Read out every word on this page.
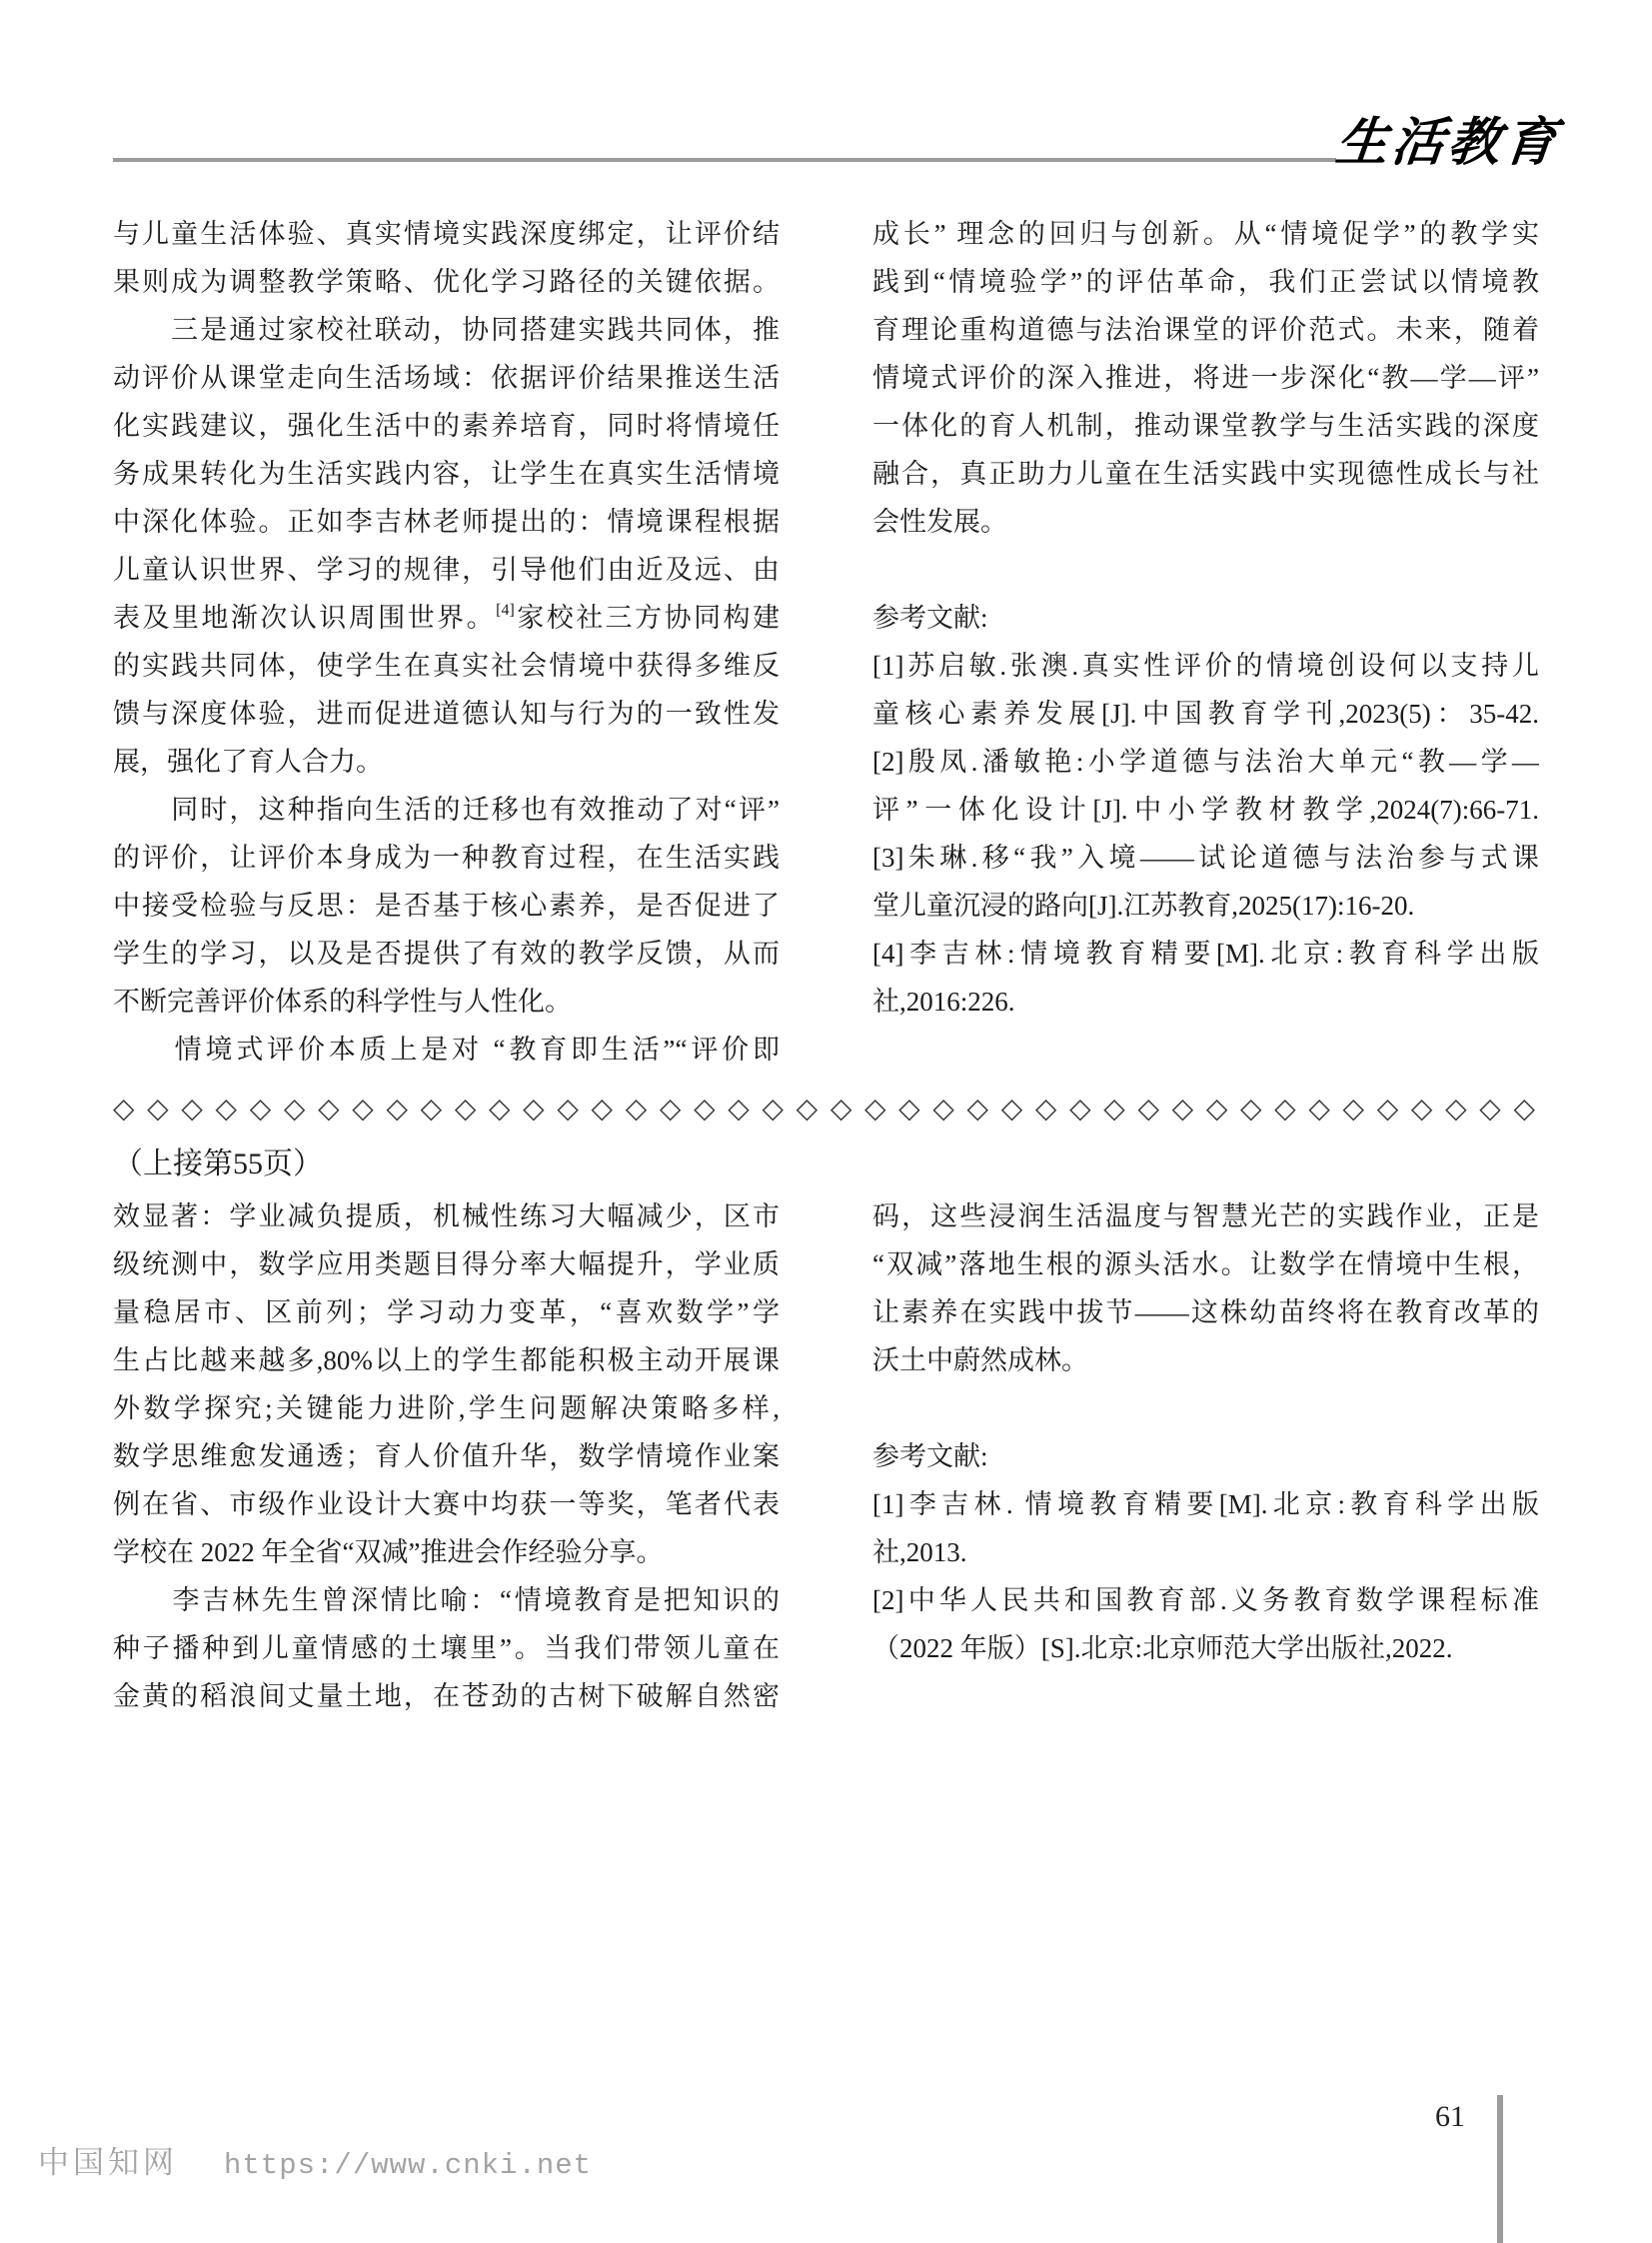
生活教育
与儿童生活体验、真实情境实践深度绑定，让评价结
果则成为调整教学策略、优化学习路径的关键依据。
　　三是通过家校社联动，协同搭建实践共同体，推
动评价从课堂走向生活场域：依据评价结果推送生活
化实践建议，强化生活中的素养培育，同时将情境任
务成果转化为生活实践内容，让学生在真实生活情境
中深化体验。正如李吉林老师提出的：情境课程根据
儿童认识世界、学习的规律，引导他们由近及远、由
表及里地渐次认识周围世界。[4]家校社三方协同构建
的实践共同体，使学生在真实社会情境中获得多维反
馈与深度体验，进而促进道德认知与行为的一致性发
展，强化了育人合力。
　　同时，这种指向生活的迁移也有效推动了对“评”
的评价，让评价本身成为一种教育过程，在生活实践
中接受检验与反思：是否基于核心素养，是否促进了
学生的学习，以及是否提供了有效的教学反馈，从而
不断完善评价体系的科学性与人性化。
　　情境式评价本质上是对 “教育即生活”“评价即
成长” 理念的回归与创新。从“情境促学”的教学实
践到“情境验学”的评估革命，我们正尝试以情境教
育理论重构道德与法治课堂的评价范式。未来，随着
情境式评价的深入推进，将进一步深化“教—学—评”
一体化的育人机制，推动课堂教学与生活实践的深度
融合，真正助力儿童在生活实践中实现德性成长与社
会性发展。
参考文献:
[1]苏启敏.张澳.真实性评价的情境创设何以支持儿
童核心素养发展[J].中国教育学刊,2023(5)：35-42.
[2]殷凤.潘敏艳:小学道德与法治大单元“教—学—
评”一体化设计[J].中小学教材教学,2024(7):66-71.
[3]朱琳.移“我”入境——试论道德与法治参与式课
堂儿童沉浸的路向[J].江苏教育,2025(17):16-20.
[4]李吉林:情境教育精要[M].北京:教育科学出版
社,2016:226.
◇◇◇◇◇◇◇◇◇◇◇◇◇◇◇◇◇◇◇◇◇◇◇◇◇◇◇◇◇◇◇◇◇◇◇◇◇◇◇◇◇◇
（上接第55页）
效显著：学业减负提质，机械性练习大幅减少，区市
级统测中，数学应用类题目得分率大幅提升，学业质
量稳居市、区前列；学习动力变革，“喜欢数学”学
生占比越来越多,80%以上的学生都能积极主动开展课
外数学探究;关键能力进阶,学生问题解决策略多样,
数学思维愈发通透；育人价值升华，数学情境作业案
例在省、市级作业设计大赛中均获一等奖，笔者代表
学校在 2022 年全省“双减”推进会作经验分享。
　　李吉林先生曾深情比喻：“情境教育是把知识的
种子播种到儿童情感的土壤里”。当我们带领儿童在
金黄的稻浪间丈量土地，在苍劲的古树下破解自然密
码，这些浸润生活温度与智慧光芒的实践作业，正是
“双减”落地生根的源头活水。让数学在情境中生根，
让素养在实践中拔节——这株幼苗终将在教育改革的
沃土中蔚然成林。
参考文献:
[1]李吉林. 情境教育精要[M].北京:教育科学出版
社,2013.
[2]中华人民共和国教育部.义务教育数学课程标准
（2022 年版）[S].北京:北京师范大学出版社,2022.
61
中国知网 https://www.cnki.net
